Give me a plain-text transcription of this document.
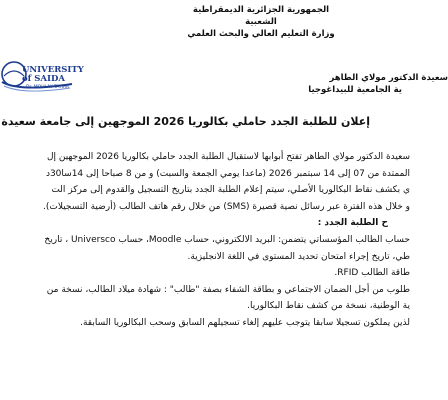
الجمهورية الجزائرية الديمقراطية الشعبية
وزارة التعليم العالي والبحث العلمي
UNIVERSITY
of SAIDA
Dr. MOULAY TAHAR
سعيدة الدكتور مولاي الطاهر
ية الجامعية للبيداغوجيا
إعلان للطلبة الجدد حاملي بكالوريا 2026 الموجهين إلى جامعة سعيدة

سعيدة الدكتور مولاي الطاهر تفتح أبوابها لاستقبال الطلبة الجدد حاملي بكالوريا 2026 الموجهين إل

الممتدة من 07 إلى 14 سبتمبر 2026 (ماعدا يومي الجمعة والسبت) و من 8 صباحا إلى 14سا30د

ي بكشف نقاط البكالوريا الأصلي، سيتم إعلام الطلبة الجدد بتاريخ التسجيل والقدوم إلى مركز الت

و خلال هذه الفترة عبر رسائل نصية قصيرة (SMS) من خلال رقم هاتف الطالب (أرضية التسجيلات).

ح الطلبة الجدد :

حساب الطالب المؤسساتي يتضمن: البريد الالكتروني، حساب Moodle، حساب Universco ، تاريخ

طي، تاريخ إجراء امتحان تحديد المستوى في اللغة الانجليزية.

طاقة الطالب RFID.

طلوب من أجل الضمان الاجتماعي و بطاقة الشفاء بصفة "طالب" : شهادة ميلاد الطالب، نسخة من

ية الوطنية، نسخة من كشف نقاط البكالوريا.

لذين يملكون تسجيلا سابقا يتوجب عليهم إلغاء تسجيلهم السابق وسحب البكالوريا السابقة.
